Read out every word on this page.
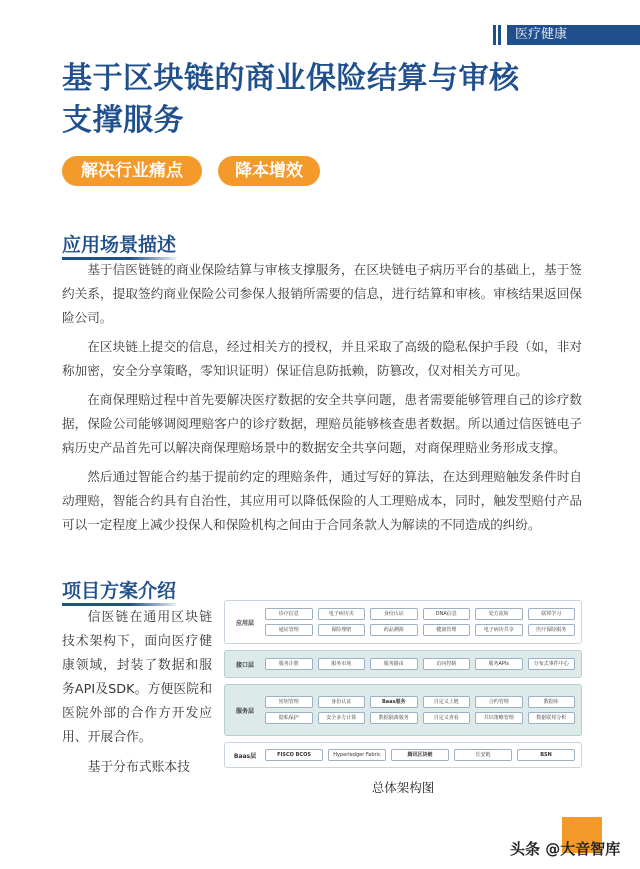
医疗健康
基于区块链的商业保险结算与审核
支撑服务
解决行业痛点	降本增效
应用场景描述

基于信医链链的商业保险结算与审核支撑服务，在区块链电子病历平台的基础上，基于签约关系，提取签约商业保险公司参保人报销所需要的信息，进行结算和审核。审核结果返回保险公司。

在区块链上提交的信息，经过相关方的授权，并且采取了高级的隐私保护手段（如，非对称加密，安全分享策略，零知识证明）保证信息防抵赖，防篡改，仅对相关方可见。

在商保理赔过程中首先要解决医疗数据的安全共享问题，患者需要能够管理自己的诊疗数据，保险公司能够调阅理赔客户的诊疗数据，理赔员能够核查患者数据。所以通过信医链电子病历史产品首先可以解决商保理赔场景中的数据安全共享问题，对商保理赔业务形成支撑。

然后通过智能合约基于提前约定的理赔条件，通过写好的算法，在达到理赔触发条件时自动理赔，智能合约具有自治性，其应用可以降低保险的人工理赔成本，同时，触发型赔付产品可以一定程度上减少投保人和保险机构之间由于合同条款人为解读的不同造成的纠纷。

项目方案介绍

信医链在通用区块链技术架构下，面向医疗健康领域，封装了数据和服务API及SDK。方便医院和医院外部的合作方开发应用、开展合作。

基于分布式账本技

应用层
诊疗信息	电子病历夹	身份认证	DNA信息	处方流转	联邦学习
通证管理	保险理赔	药品溯源	健康管理	电子病历共享	医疗保险服务
接口层	服务注册	服务市场	服务路由	访问控制	服务APIs	分布式事件中心
服务层
密钥管理	身份认证	Baas服务	自定义上链	合约管理	数据库
隐私保护	安全多方计算	数据隔离服务	自定义查看	共识策略管理	数据联邦分析
Baas层	FISCO BCOS	Hyperledger Fabric	腾讯区块链	长安链	BSN
总体架构图
头条 @大音智库
